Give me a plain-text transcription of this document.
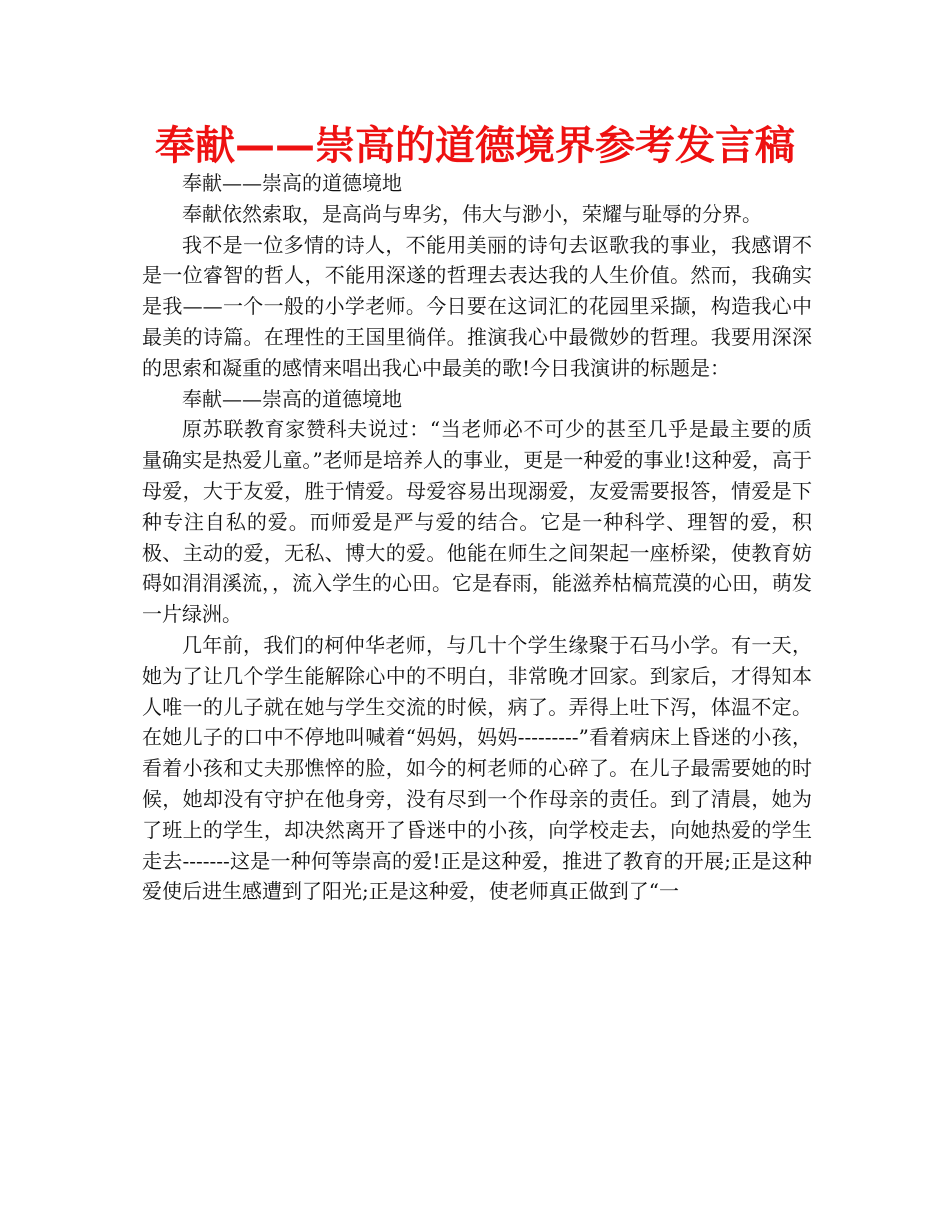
奉献——崇高的道德境界参考发言稿

奉献——崇高的道德境地

奉献依然索取，是高尚与卑劣，伟大与渺小，荣耀与耻辱的分界。

我不是一位多情的诗人，不能用美丽的诗句去讴歌我的事业，我感谓不是一位睿智的哲人，不能用深遂的哲理去表达我的人生价值。然而，我确实是我——一个一般的小学老师。今日要在这词汇的花园里采撷，构造我心中最美的诗篇。在理性的王国里徜佯。推演我心中最微妙的哲理。我要用深深的思索和凝重的感情来唱出我心中最美的歌!今日我演讲的标题是：

奉献——崇高的道德境地

原苏联教育家赞科夫说过：“当老师必不可少的甚至几乎是最主要的质量确实是热爱儿童。”老师是培养人的事业，更是一种爱的事业!这种爱，高于母爱，大于友爱，胜于情爱。母爱容易出现溺爱，友爱需要报答，情爱是下种专注自私的爱。而师爱是严与爱的结合。它是一种科学、理智的爱，积极、主动的爱，无私、博大的爱。他能在师生之间架起一座桥梁，使教育妨碍如涓涓溪流，，流入学生的心田。它是春雨，能滋养枯槁荒漠的心田，萌发一片绿洲。

几年前，我们的柯仲华老师，与几十个学生缘聚于石马小学。有一天，她为了让几个学生能解除心中的不明白，非常晚才回家。到家后，才得知本人唯一的儿子就在她与学生交流的时候，病了。弄得上吐下泻，体温不定。在她儿子的口中不停地叫喊着“妈妈，妈妈---------”看着病床上昏迷的小孩，看着小孩和丈夫那憔悴的脸，如今的柯老师的心碎了。在儿子最需要她的时候，她却没有守护在他身旁，没有尽到一个作母亲的责任。到了清晨，她为了班上的学生，却决然离开了昏迷中的小孩，向学校走去，向她热爱的学生走去-------这是一种何等崇高的爱!正是这种爱，推进了教育的开展;正是这种爱使后进生感遭到了阳光;正是这种爱，使老师真正做到了“一
